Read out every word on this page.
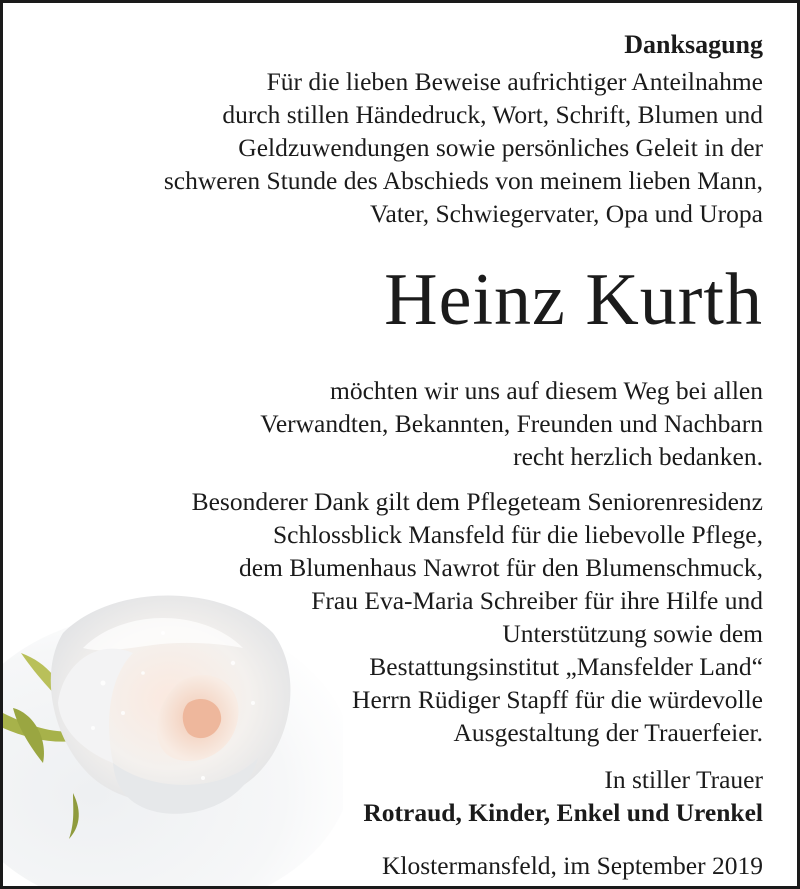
Danksagung
Für die lieben Beweise aufrichtiger Anteilnahme
durch stillen Händedruck, Wort, Schrift, Blumen und
Geldzuwendungen sowie persönliches Geleit in der
schweren Stunde des Abschieds von meinem lieben Mann,
Vater, Schwiegervater, Opa und Uropa
Heinz Kurth
möchten wir uns auf diesem Weg bei allen
Verwandten, Bekannten, Freunden und Nachbarn
recht herzlich bedanken.
Besonderer Dank gilt dem Pflegeteam Seniorenresidenz
Schlossblick Mansfeld für die liebevolle Pflege,
dem Blumenhaus Nawrot für den Blumenschmuck,
Frau Eva-Maria Schreiber für ihre Hilfe und
Unterstützung sowie dem
Bestattungsinstitut „Mansfelder Land“
Herrn Rüdiger Stapff für die würdevolle
Ausgestaltung der Trauerfeier.
In stiller Trauer
Rotraud, Kinder, Enkel und Urenkel
Klostermansfeld, im September 2019
